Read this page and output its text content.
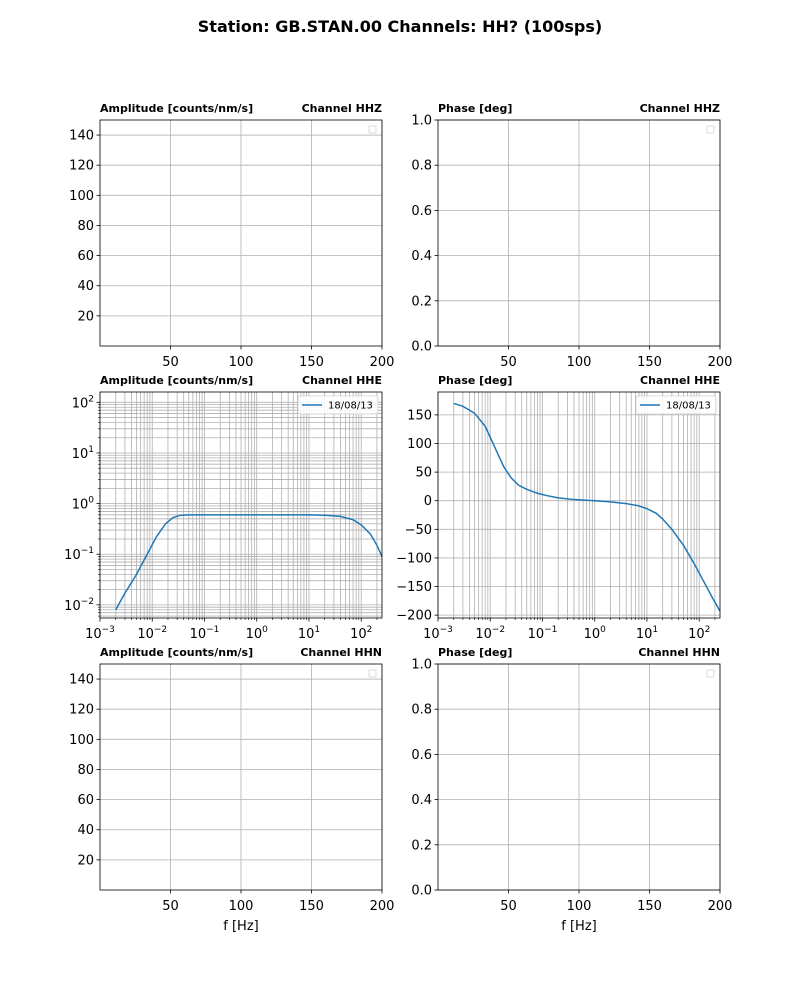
Station: GB.STAN.00 Channels: HH? (100sps)
50	100	150	200
20
40
60
80
100
120
140
Amplitude [counts/nm/s]	Channel HHZ
50	100	150	200
0.0
0.2
0.4
0.6
0.8
1.0
Phase [deg]	Channel HHZ
$10^{-3}$ $10^{-2}$ $10^{-1}$ $10^0$ $10^1$ $10^2$
$10^{-2}$
$10^{-1}$
$10^0$
$10^1$
$10^2$
Amplitude [counts/nm/s]	Channel HHE
18/08/13
$10^{-3}$ $10^{-2}$ $10^{-1}$ $10^0$ $10^1$ $10^2$
−200
−150
−100
−50
0
50
100
150
Phase [deg]	Channel HHE
18/08/13
50	100	150	200
20
40
60
80
100
120
140
Amplitude [counts/nm/s]	Channel HHN
f [Hz]
50	100	150	200
0.0
0.2
0.4
0.6
0.8
1.0
Phase [deg]	Channel HHN
f [Hz]
